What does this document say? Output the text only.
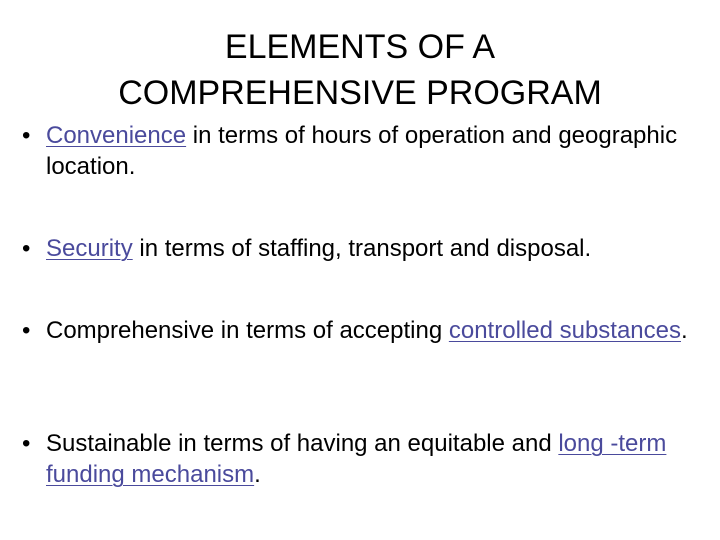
ELEMENTS OF A
COMPREHENSIVE PROGRAM
• Convenience in terms of hours of operation and geographic location.
• Security in terms of staffing, transport and disposal.
• Comprehensive in terms of accepting controlled substances.
• Sustainable in terms of having an equitable and long -term funding mechanism.
